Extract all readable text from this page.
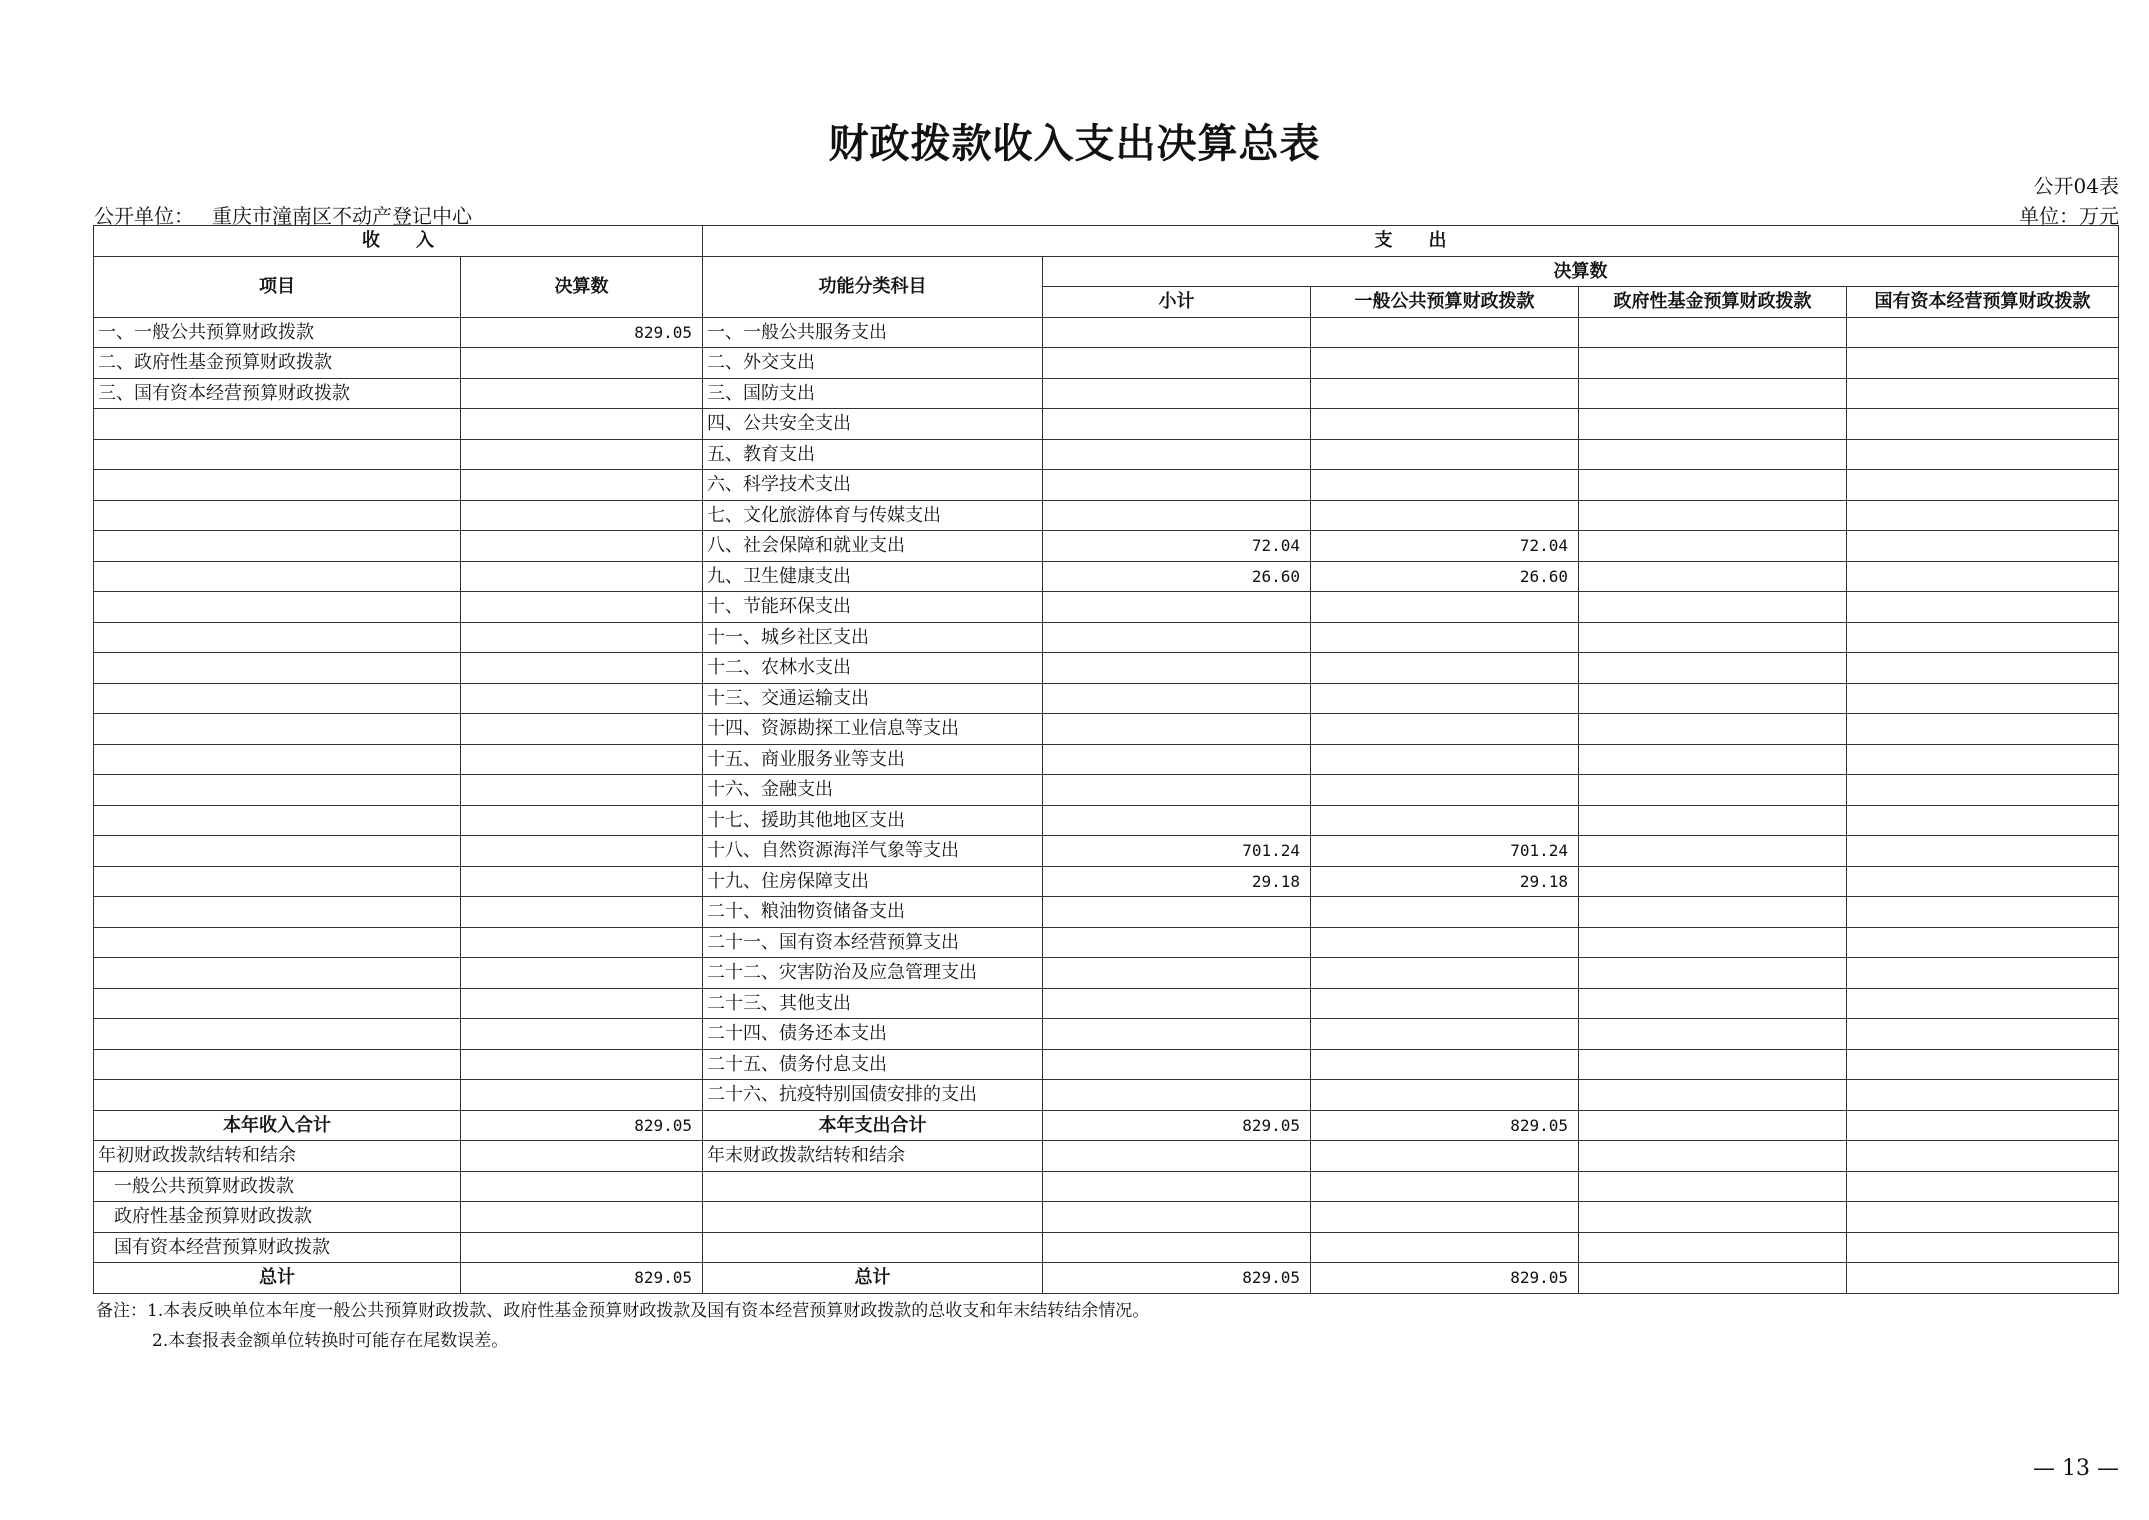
财政拨款收入支出决算总表
公开04表
公开单位： 重庆市潼南区不动产登记中心	单位：万元
收　　入		支　　出				
项目	决算数	功能分类科目	决算数			
			小计	一般公共预算财政拨款	政府性基金预算财政拨款	国有资本经营预算财政拨款
一、一般公共预算财政拨款	829.05	一、一般公共服务支出				
二、政府性基金预算财政拨款		二、外交支出				
三、国有资本经营预算财政拨款		三、国防支出				
		四、公共安全支出				
		五、教育支出				
		六、科学技术支出				
		七、文化旅游体育与传媒支出				
		八、社会保障和就业支出	72.04	72.04		
		九、卫生健康支出	26.60	26.60		
		十、节能环保支出				
		十一、城乡社区支出				
		十二、农林水支出				
		十三、交通运输支出				
		十四、资源勘探工业信息等支出				
		十五、商业服务业等支出				
		十六、金融支出				
		十七、援助其他地区支出				
		十八、自然资源海洋气象等支出	701.24	701.24		
		十九、住房保障支出	29.18	29.18		
		二十、粮油物资储备支出				
		二十一、国有资本经营预算支出				
		二十二、灾害防治及应急管理支出				
		二十三、其他支出				
		二十四、债务还本支出				
		二十五、债务付息支出				
		二十六、抗疫特别国债安排的支出				
本年收入合计	829.05	本年支出合计	829.05	829.05		
年初财政拨款结转和结余		年末财政拨款结转和结余				
一般公共预算财政拨款						
政府性基金预算财政拨款						
国有资本经营预算财政拨款						
总计	829.05	总计	829.05	829.05		
备注：1.本表反映单位本年度一般公共预算财政拨款、政府性基金预算财政拨款及国有资本经营预算财政拨款的总收支和年末结转结余情况。
2.本套报表金额单位转换时可能存在尾数误差。
— 13 —
